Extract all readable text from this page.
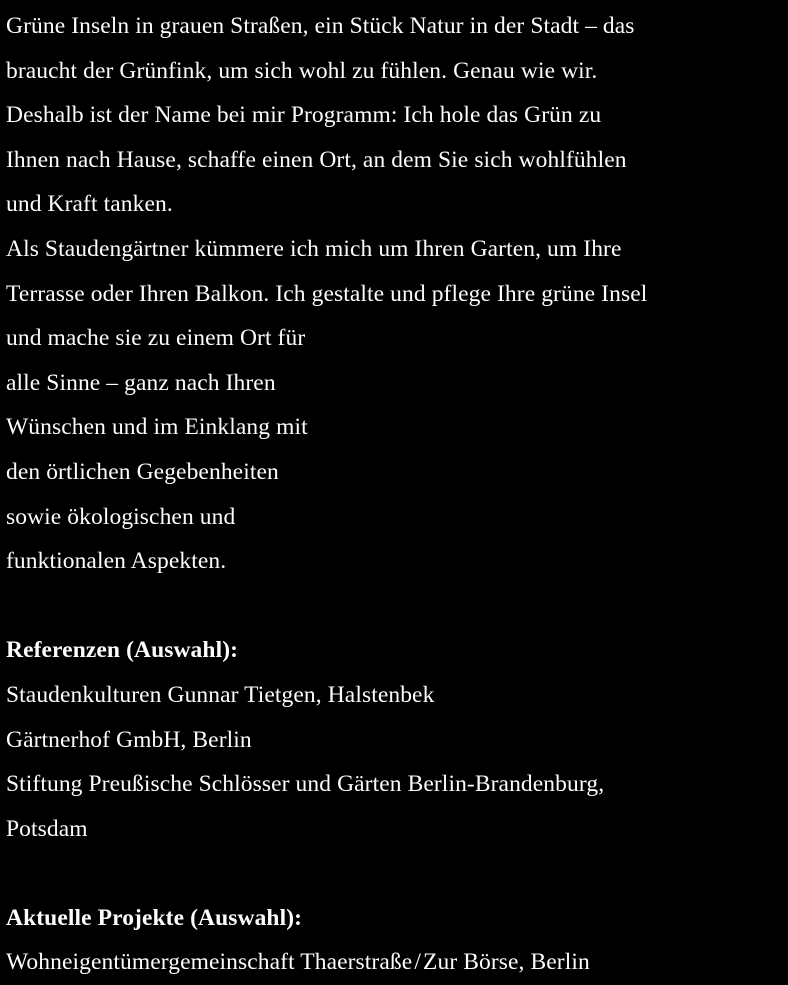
Grüne Inseln in grauen Straßen, ein Stück Natur in der Stadt – das
braucht der Grünfink, um sich wohl zu fühlen. Genau wie wir.
Deshalb ist der Name bei mir Programm: Ich hole das Grün zu
Ihnen nach Hause, schaffe einen Ort, an dem Sie sich wohlfühlen
und Kraft tanken.
Als Staudengärtner kümmere ich mich um Ihren Garten, um Ihre
Terrasse oder Ihren Balkon. Ich gestalte und pflege Ihre grüne Insel
und mache sie zu einem Ort für
alle Sinne – ganz nach Ihren
Wünschen und im Einklang mit
den örtlichen Gegebenheiten
sowie ökologischen und
funktionalen Aspekten.
Referenzen (Auswahl):
Staudenkulturen Gunnar Tietgen, Halstenbek
Gärtnerhof GmbH, Berlin
Stiftung Preußische Schlösser und Gärten Berlin-Brandenburg,
Potsdam
Aktuelle Projekte (Auswahl):
Wohneigentümergemeinschaft Thaerstraße / Zur Börse, Berlin
